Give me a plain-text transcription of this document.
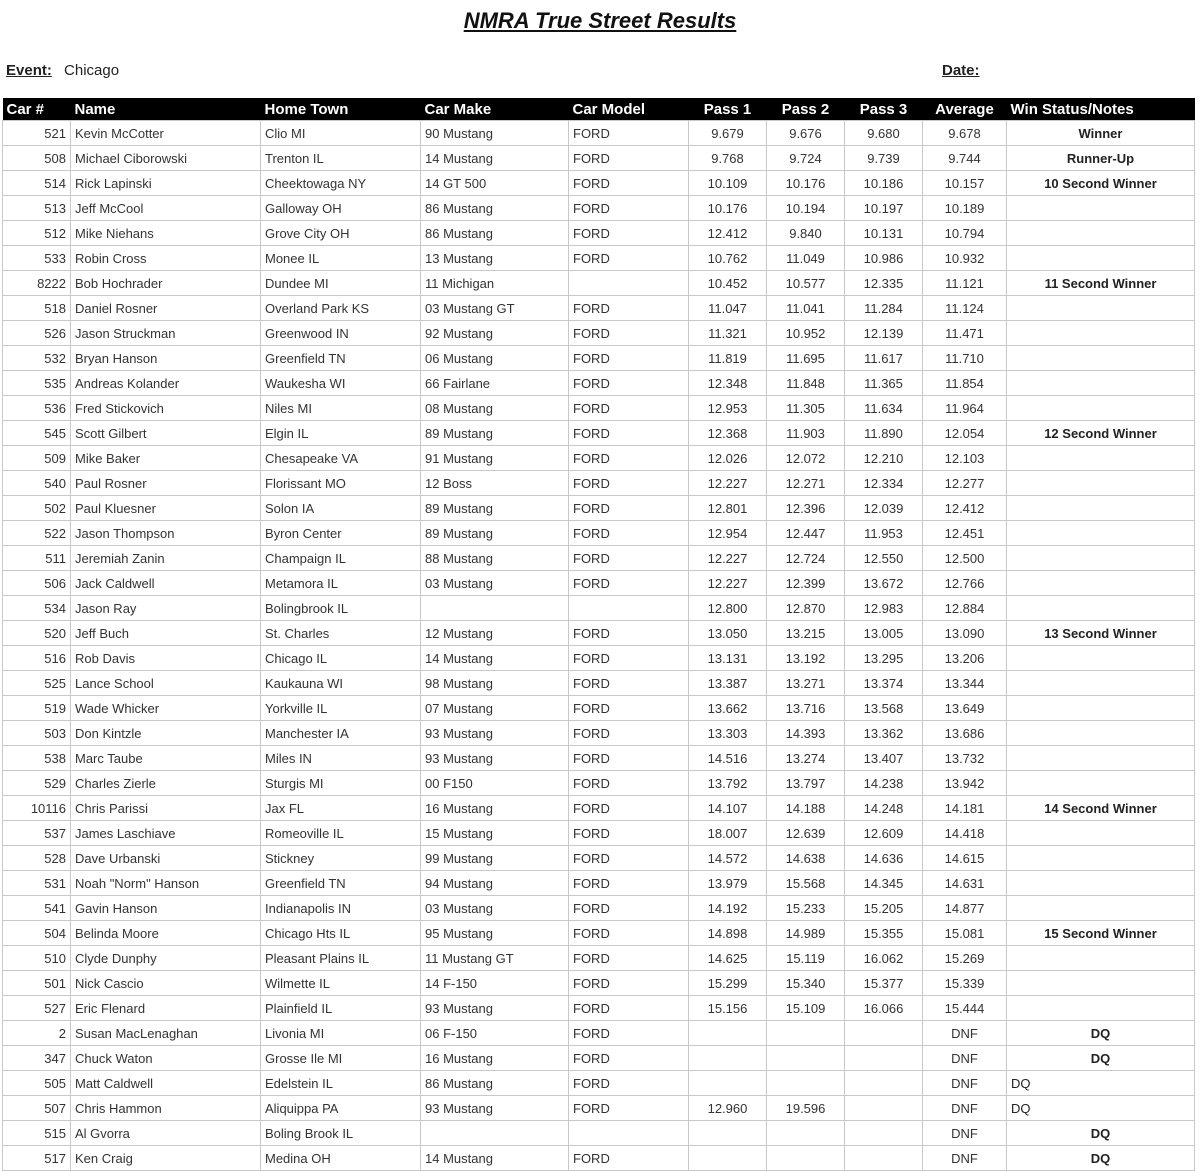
NMRA True Street Results
Event: Chicago	Date:
Car #	Name	Home Town	Car Make	Car Model	Pass 1	Pass 2	Pass 3	Average	Win Status/Notes
521	Kevin McCotter	Clio MI	90 Mustang	FORD	9.679	9.676	9.680	9.678	Winner
508	Michael Ciborowski	Trenton IL	14 Mustang	FORD	9.768	9.724	9.739	9.744	Runner-Up
514	Rick Lapinski	Cheektowaga NY	14 GT 500	FORD	10.109	10.176	10.186	10.157	10 Second Winner
513	Jeff McCool	Galloway OH	86 Mustang	FORD	10.176	10.194	10.197	10.189	
512	Mike Niehans	Grove City OH	86 Mustang	FORD	12.412	9.840	10.131	10.794	
533	Robin Cross	Monee IL	13 Mustang	FORD	10.762	11.049	10.986	10.932	
8222	Bob Hochrader	Dundee MI	11 Michigan		10.452	10.577	12.335	11.121	11 Second Winner
518	Daniel Rosner	Overland Park KS	03 Mustang GT	FORD	11.047	11.041	11.284	11.124	
526	Jason Struckman	Greenwood IN	92 Mustang	FORD	11.321	10.952	12.139	11.471	
532	Bryan Hanson	Greenfield TN	06 Mustang	FORD	11.819	11.695	11.617	11.710	
535	Andreas Kolander	Waukesha WI	66 Fairlane	FORD	12.348	11.848	11.365	11.854	
536	Fred Stickovich	Niles MI	08 Mustang	FORD	12.953	11.305	11.634	11.964	
545	Scott Gilbert	Elgin IL	89 Mustang	FORD	12.368	11.903	11.890	12.054	12 Second Winner
509	Mike Baker	Chesapeake VA	91 Mustang	FORD	12.026	12.072	12.210	12.103	
540	Paul Rosner	Florissant MO	12 Boss	FORD	12.227	12.271	12.334	12.277	
502	Paul Kluesner	Solon IA	89 Mustang	FORD	12.801	12.396	12.039	12.412	
522	Jason Thompson	Byron Center	89 Mustang	FORD	12.954	12.447	11.953	12.451	
511	Jeremiah Zanin	Champaign IL	88 Mustang	FORD	12.227	12.724	12.550	12.500	
506	Jack Caldwell	Metamora IL	03 Mustang	FORD	12.227	12.399	13.672	12.766	
534	Jason Ray	Bolingbrook IL			12.800	12.870	12.983	12.884	
520	Jeff Buch	St. Charles	12 Mustang	FORD	13.050	13.215	13.005	13.090	13 Second Winner
516	Rob Davis	Chicago IL	14 Mustang	FORD	13.131	13.192	13.295	13.206	
525	Lance School	Kaukauna WI	98 Mustang	FORD	13.387	13.271	13.374	13.344	
519	Wade Whicker	Yorkville IL	07 Mustang	FORD	13.662	13.716	13.568	13.649	
503	Don Kintzle	Manchester IA	93 Mustang	FORD	13.303	14.393	13.362	13.686	
538	Marc Taube	Miles IN	93 Mustang	FORD	14.516	13.274	13.407	13.732	
529	Charles Zierle	Sturgis MI	00 F150	FORD	13.792	13.797	14.238	13.942	
10116	Chris Parissi	Jax FL	16 Mustang	FORD	14.107	14.188	14.248	14.181	14 Second Winner
537	James Laschiave	Romeoville IL	15 Mustang	FORD	18.007	12.639	12.609	14.418	
528	Dave Urbanski	Stickney	99 Mustang	FORD	14.572	14.638	14.636	14.615	
531	Noah "Norm" Hanson	Greenfield TN	94 Mustang	FORD	13.979	15.568	14.345	14.631	
541	Gavin Hanson	Indianapolis IN	03 Mustang	FORD	14.192	15.233	15.205	14.877	
504	Belinda Moore	Chicago Hts IL	95 Mustang	FORD	14.898	14.989	15.355	15.081	15 Second Winner
510	Clyde Dunphy	Pleasant Plains IL	11 Mustang GT	FORD	14.625	15.119	16.062	15.269	
501	Nick Cascio	Wilmette IL	14 F-150	FORD	15.299	15.340	15.377	15.339	
527	Eric Flenard	Plainfield IL	93 Mustang	FORD	15.156	15.109	16.066	15.444	
2	Susan MacLenaghan	Livonia MI	06 F-150	FORD				DNF	DQ
347	Chuck Waton	Grosse Ile MI	16 Mustang	FORD				DNF	DQ
505	Matt Caldwell	Edelstein IL	86 Mustang	FORD				DNF	DQ
507	Chris Hammon	Aliquippa PA	93 Mustang	FORD	12.960	19.596		DNF	DQ
515	Al Gvorra	Boling Brook IL						DNF	DQ
517	Ken Craig	Medina OH	14 Mustang	FORD				DNF	DQ
